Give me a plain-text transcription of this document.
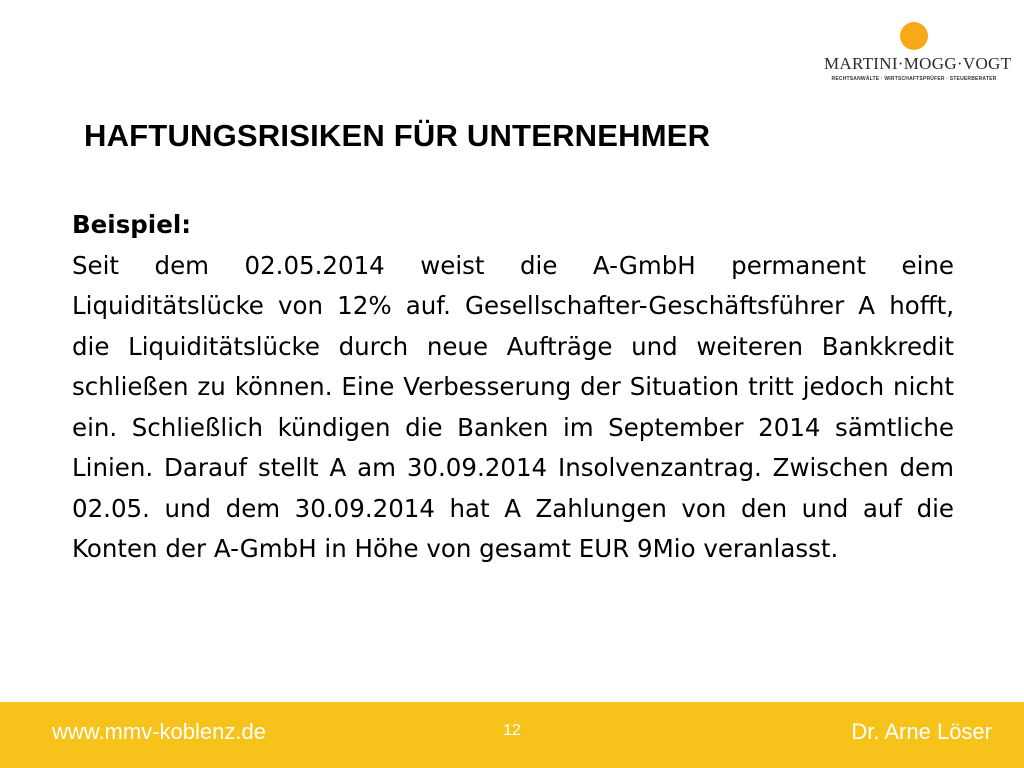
MARTINI·MOGG·VOGT
RECHTSANWÄLTE · WIRTSCHAFTSPRÜFER · STEUERBERATER
HAFTUNGSRISIKEN FÜR UNTERNEHMER
Beispiel:

Seit dem 02.05.2014 weist die A-GmbH permanent eine Liquiditätslücke von 12% auf. Gesellschafter-Geschäftsführer A hofft, die Liquiditätslücke durch neue Aufträge und weiteren Bankkredit schließen zu können. Eine Verbesserung der Situation tritt jedoch nicht ein. Schließlich kündigen die Banken im September 2014 sämtliche Linien. Darauf stellt A am 30.09.2014 Insolvenzantrag. Zwischen dem 02.05. und dem 30.09.2014 hat A Zahlungen von den und auf die Konten der A-GmbH in Höhe von gesamt EUR 9Mio veranlasst.

www.mmv-koblenz.de	12	Dr. Arne Löser
